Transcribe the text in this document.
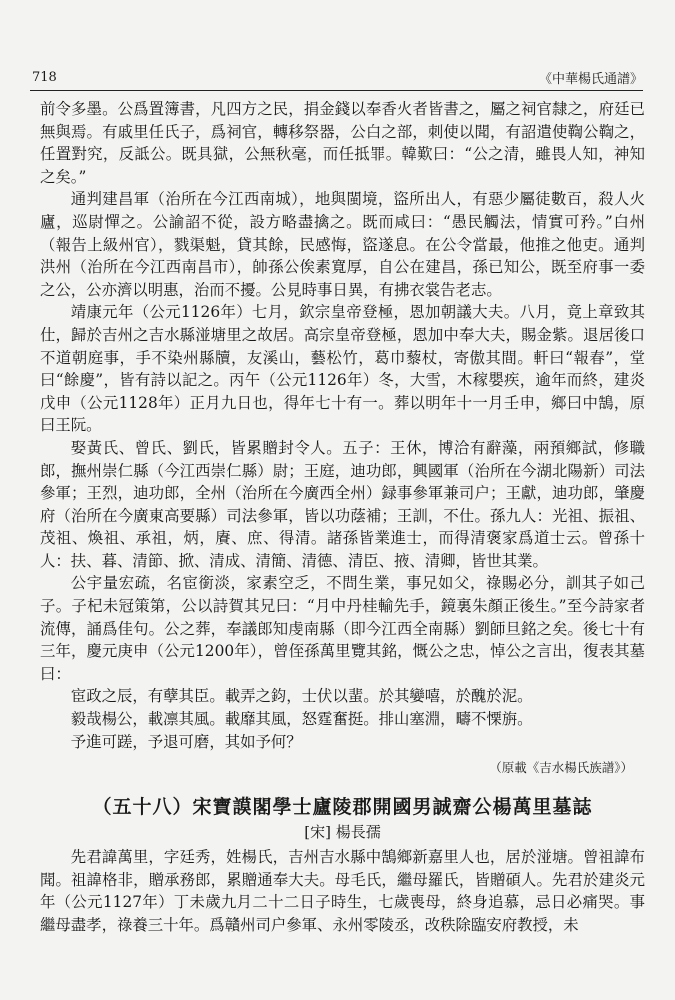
718	《中華楊氏通譜》

前令多墨。公爲置簿書，凡四方之民，捐金錢以奉香火者皆書之，屬之祠官隸之，府廷已無與焉。有戚里任氏子，爲祠官，轉移祭器，公白之部，刺使以聞，有詔遣使鞫公鞫之，任置對究，反詆公。既具獄，公無秋毫，而任抵罪。韓歎曰：“公之清，雖畏人知，神知之矣。”

通判建昌軍（治所在今江西南城），地與閩境，盜所出人，有惡少屬徒數百，殺人火廬，巡尉憚之。公諭詔不從，設方略盡擒之。既而咸曰：“愚民觸法，情實可矜。”白州（報告上級州官），戮渠魁，貸其餘，民感悔，盜遂息。在公令當最，他推之他吏。通判洪州（治所在今江西南昌市），帥孫公俟素寬厚，自公在建昌，孫已知公，既至府事一委之公，公亦濟以明惠，治而不擾。公見時事日異，有拂衣裳告老志。

靖康元年（公元1126年）七月，欽宗皇帝登極，恩加朝議大夫。八月，竟上章致其仕，歸於吉州之吉水縣湴塘里之故居。高宗皇帝登極，恩加中奉大夫，賜金紫。退居後口不道朝庭事，手不染州縣牘，友溪山，藝松竹，葛巾藜杖，寄傲其間。軒曰“報春”，堂曰“餘慶”，皆有詩以記之。丙午（公元1126年）冬，大雪，木稼嬰疾，逾年而終，建炎戊申（公元1128年）正月九日也，得年七十有一。葬以明年十一月壬申，鄉曰中鵠，原曰王阮。

娶黃氏、曾氏、劉氏，皆累贈封令人。五子：王休，博洽有辭藻，兩預鄉試，修職郎，撫州崇仁縣（今江西崇仁縣）尉；王庭，迪功郎，興國軍（治所在今湖北陽新）司法參軍；王烈，迪功郎，全州（治所在今廣西全州）録事參軍兼司户；王獻，迪功郎，肇慶府（治所在今廣東高要縣）司法參軍，皆以功蔭補；王訓，不仕。孫九人：光祖、振祖、茂祖、煥祖、承祖，炳，賡、庶、得清。諸孫皆業進士，而得清褒家爲道士云。曾孫十人：扶、暮、清節、掀、清成、清簡、清德、清臣、掖、清卿，皆世其業。

公宇量宏疏，名宦銜淡，家素空乏，不問生業，事兄如父，祿賜必分，訓其子如己子。子杞未冠策第，公以詩賀其兄曰：“月中丹桂輸先手，鏡裏朱顏正後生。”至今詩家者流傳，誦爲佳句。公之葬，奉議郎知虔南縣（即今江西全南縣）劉師旦銘之矣。後七十有三年，慶元庚申（公元1200年），曾侄孫萬里覽其銘，慨公之忠，悼公之言出，復表其墓曰：

宦政之辰，有孽其臣。載弄之鈞，士伏以蜚。於其孌嘻，於醜於泥。

毅哉楊公，載凛其風。載靡其風，怒霆奮挺。排山塞淵，疇不慄旃。

予進可蹉，予退可磨，其如予何？

（原載《吉水楊氏族譜》）
（五十八）宋寶謨閣學士廬陵郡開國男誠齋公楊萬里墓誌
[宋] 楊長孺

先君諱萬里，字廷秀，姓楊氏，吉州吉水縣中鵠鄉新嘉里人也，居於湴塘。曾祖諱布聞。祖諱格非，贈承務郎，累贈通奉大夫。母毛氏，繼母羅氏，皆贈碩人。先君於建炎元年（公元1127年）丁未歲九月二十二日子時生，七歲喪母，終身追慕，忌日必痛哭。事繼母盡孝，祿養三十年。爲贛州司户參軍、永州零陵丞，改秩除臨安府教授，未
